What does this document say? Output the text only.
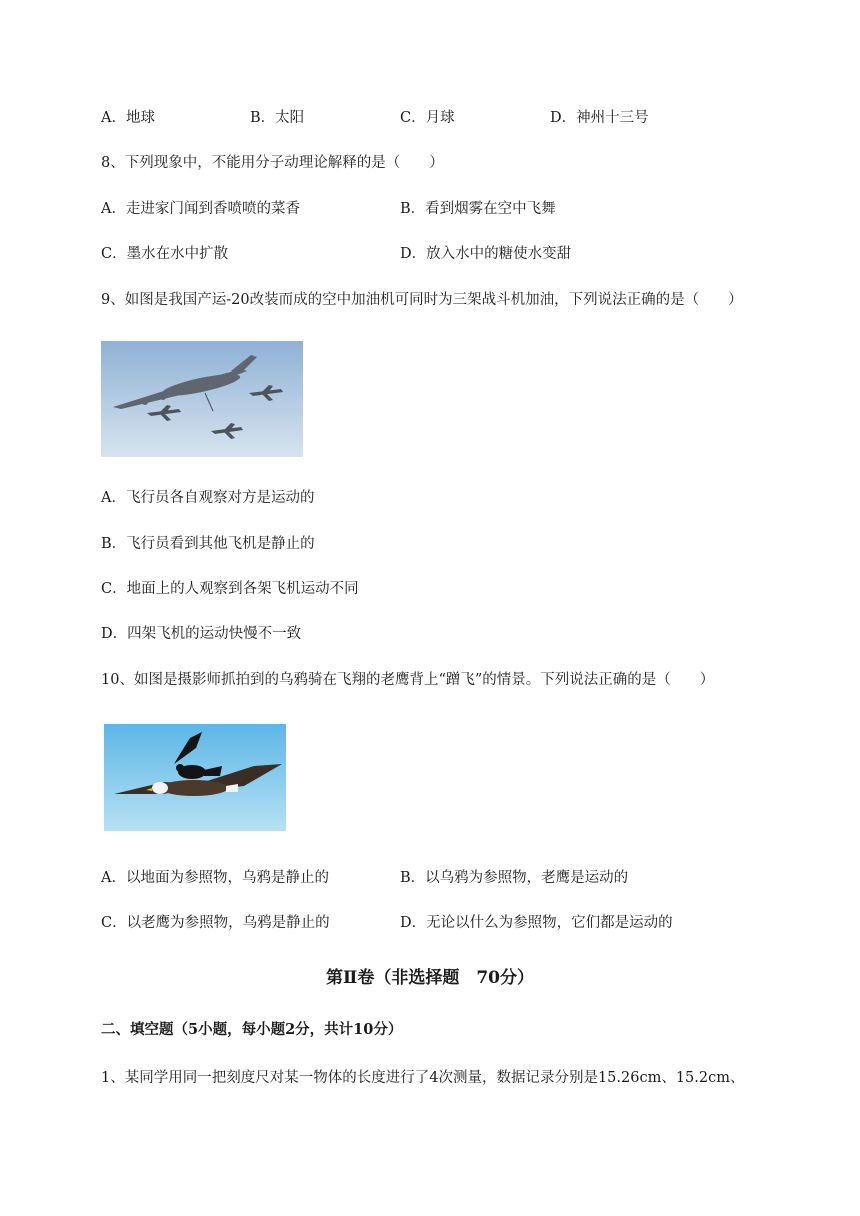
A．地球	B．太阳	C．月球	D．神州十三号
8、下列现象中，不能用分子动理论解释的是（　　）
A．走进家门闻到香喷喷的菜香	B．看到烟雾在空中飞舞
C．墨水在水中扩散	D．放入水中的糖使水变甜
9、如图是我国产运-20改装而成的空中加油机可同时为三架战斗机加油，下列说法正确的是（　　）
A．飞行员各自观察对方是运动的
B．飞行员看到其他飞机是静止的
C．地面上的人观察到各架飞机运动不同
D．四架飞机的运动快慢不一致
10、如图是摄影师抓拍到的乌鸦骑在飞翔的老鹰背上“蹭飞”的情景。下列说法正确的是（　　）
A．以地面为参照物，乌鸦是静止的	B．以乌鸦为参照物，老鹰是运动的
C．以老鹰为参照物，乌鸦是静止的	D．无论以什么为参照物，它们都是运动的
第Ⅱ卷（非选择题　70分）
二、填空题（5小题，每小题2分，共计10分）
1、某同学用同一把刻度尺对某一物体的长度进行了4次测量，数据记录分别是15.26cm、15.2cm、
